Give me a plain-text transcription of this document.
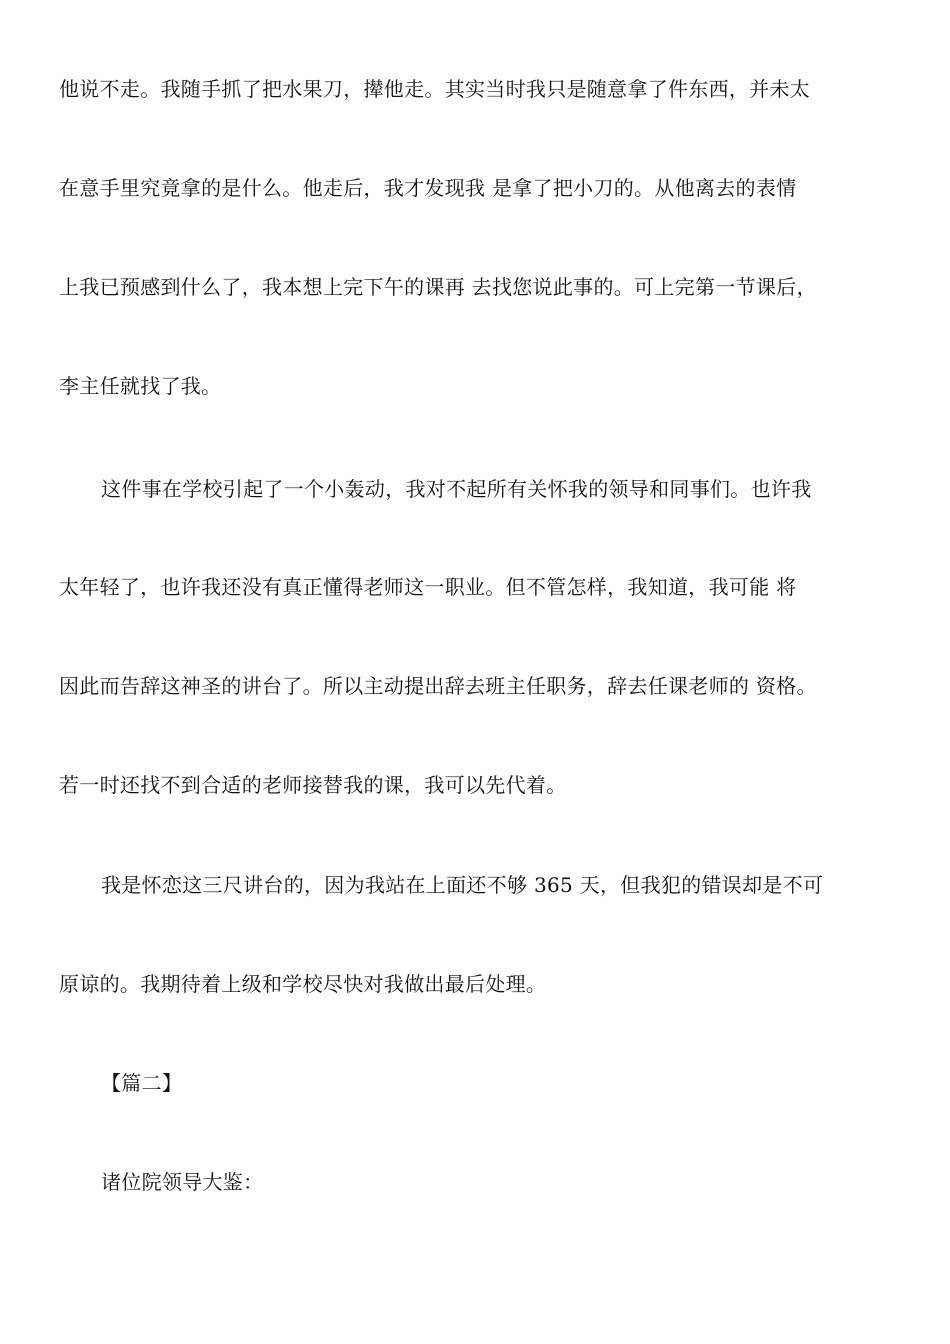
他说不走。我随手抓了把水果刀，撵他走。其实当时我只是随意拿了件东西，并未太
在意手里究竟拿的是什么。他走后，我才发现我 是拿了把小刀的。从他离去的表情
上我已预感到什么了，我本想上完下午的课再 去找您说此事的。可上完第一节课后，
李主任就找了我。
这件事在学校引起了一个小轰动，我对不起所有关怀我的领导和同事们。也许我
太年轻了，也许我还没有真正懂得老师这一职业。但不管怎样，我知道，我可能 将
因此而告辞这神圣的讲台了。所以主动提出辞去班主任职务，辞去任课老师的 资格。
若一时还找不到合适的老师接替我的课，我可以先代着。
我是怀恋这三尺讲台的，因为我站在上面还不够 365 天，但我犯的错误却是不可
原谅的。我期待着上级和学校尽快对我做出最后处理。
【篇二】
诸位院领导大鉴：
